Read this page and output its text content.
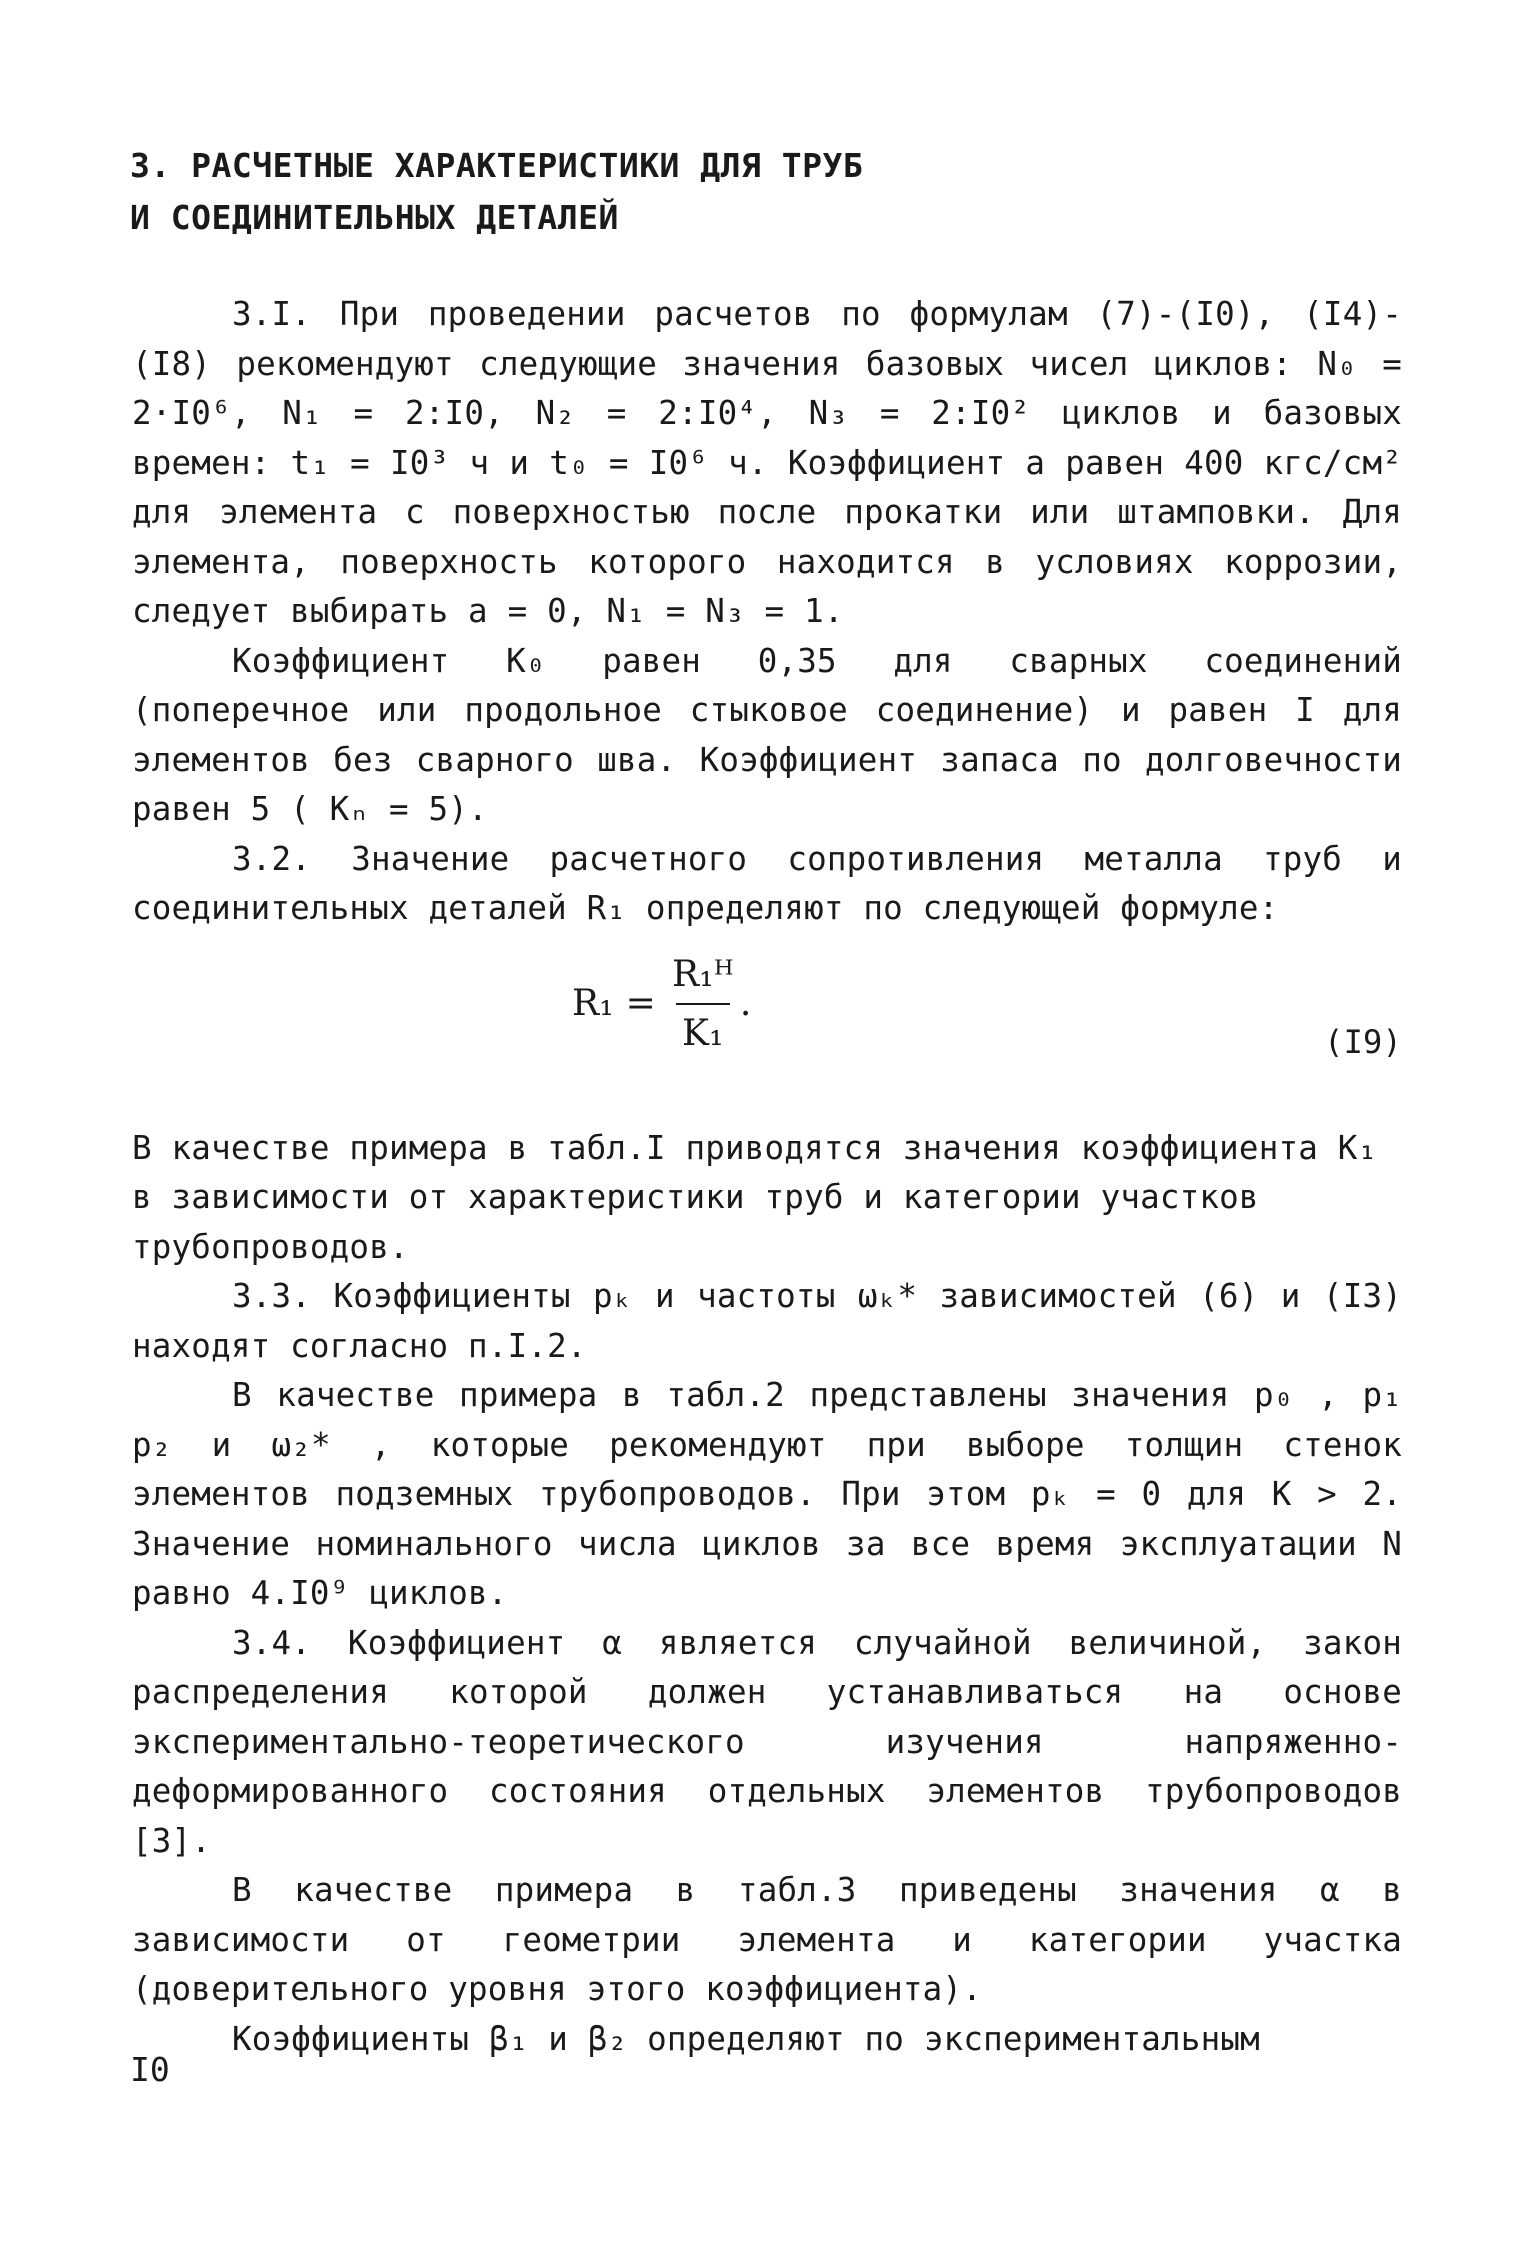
3. РАСЧЕТНЫЕ ХАРАКТЕРИСТИКИ ДЛЯ ТРУБ
И СОЕДИНИТЕЛЬНЫХ ДЕТАЛЕЙ

3.I. При проведении расчетов по формулам (7)-(I0), (I4)-(I8) рекомендуют следующие значения базовых чисел циклов: N₀ = 2·I0⁶, N₁ = 2:I0, N₂ = 2:I0⁴, N₃ = 2:I0² циклов и базовых времен: t₁ = I0³ ч и t₀ = I0⁶ ч. Коэффициент a равен 400 кгс/см² для элемента с поверхностью после прокатки или штамповки. Для элемента, поверхность которого находится в условиях коррозии, следует выбирать a = 0, N₁ = N₃ = 1.

Коэффициент K₀ равен 0,35 для сварных соединений (поперечное или продольное стыковое соединение) и равен I для элементов без сварного шва. Коэффициент запаса по долговечности равен 5 ( Kₙ = 5).

3.2. Значение расчетного сопротивления металла труб и соединительных деталей R₁ определяют по следующей формуле:

$R_1 = \frac{\text{R₁ᴴ}}{\text{K₁}}$ .
(I9)

В качестве примера в табл.I приводятся значения коэффициента K₁ в зависимости от характеристики труб и категории участков трубопроводов.

3.3. Коэффициенты pₖ и частоты ωₖ* зависимостей (6) и (I3) находят согласно п.I.2.

В качестве примера в табл.2 представлены значения p₀ , p₁ p₂ и ω₂* , которые рекомендуют при выборе толщин стенок элементов подземных трубопроводов. При этом pₖ = 0 для K > 2. Значение номинального числа циклов за все время эксплуатации N равно 4.I0⁹ циклов.

3.4. Коэффициент α является случайной величиной, закон распределения которой должен устанавливаться на основе экспериментально-теоретического изучения напряженно-деформированного состояния отдельных элементов трубопроводов [3].

В качестве примера в табл.3 приведены значения α в зависимости от геометрии элемента и категории участка (доверительного уровня этого коэффициента).

Коэффициенты β₁ и β₂ определяют по экспериментальным

I0
